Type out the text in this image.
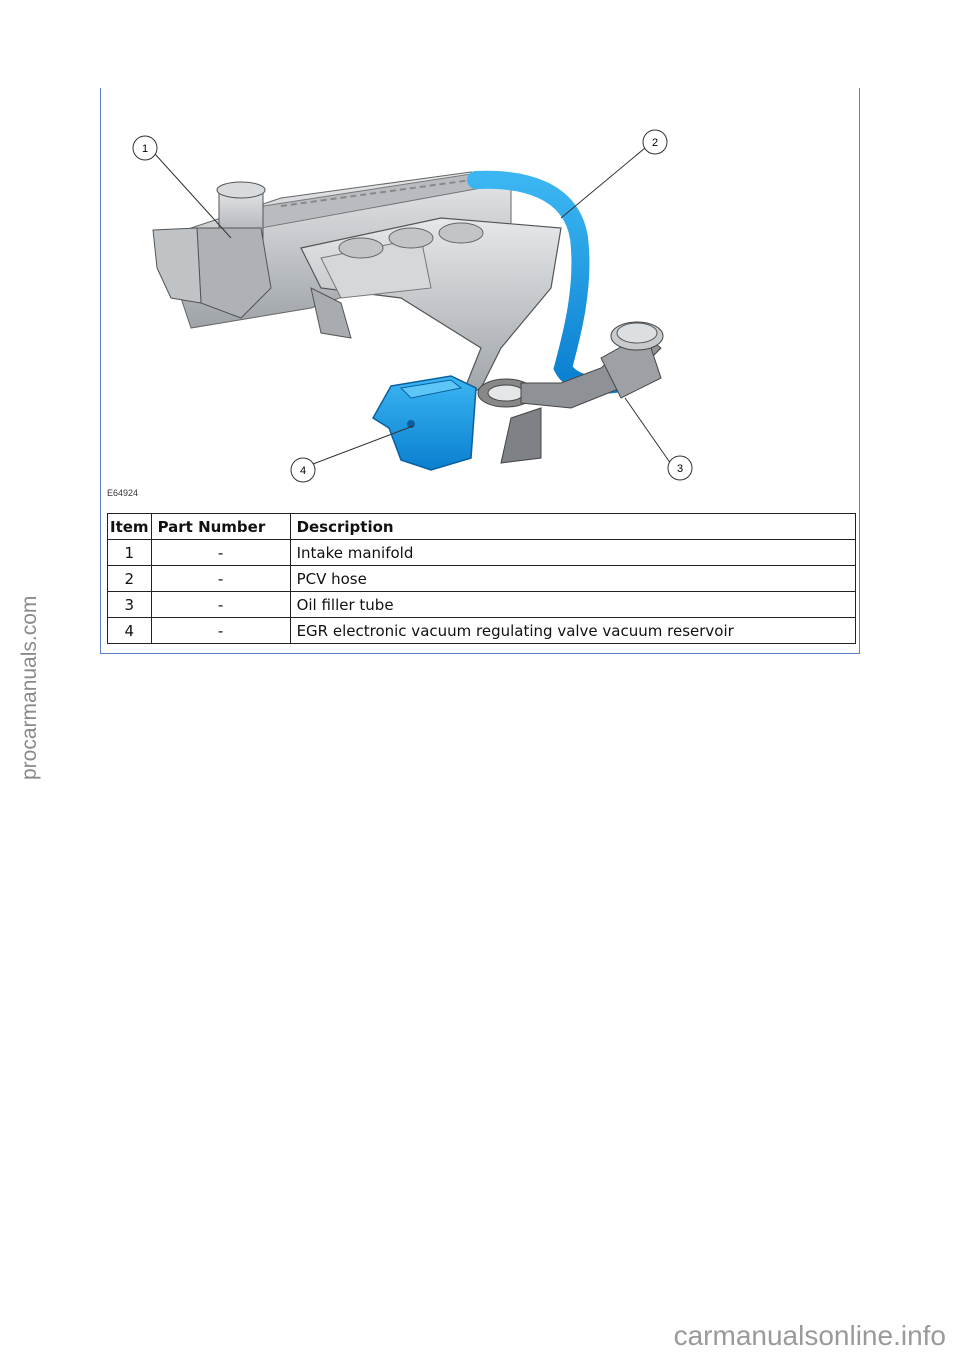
1	2
3
4
E64924
Item	Part Number	Description
1	-	Intake manifold
2	-	PCV hose
3	-	Oil filler tube
4	-	EGR electronic vacuum regulating valve vacuum reservoir
procarmanuals.com
carmanualsonline.info
